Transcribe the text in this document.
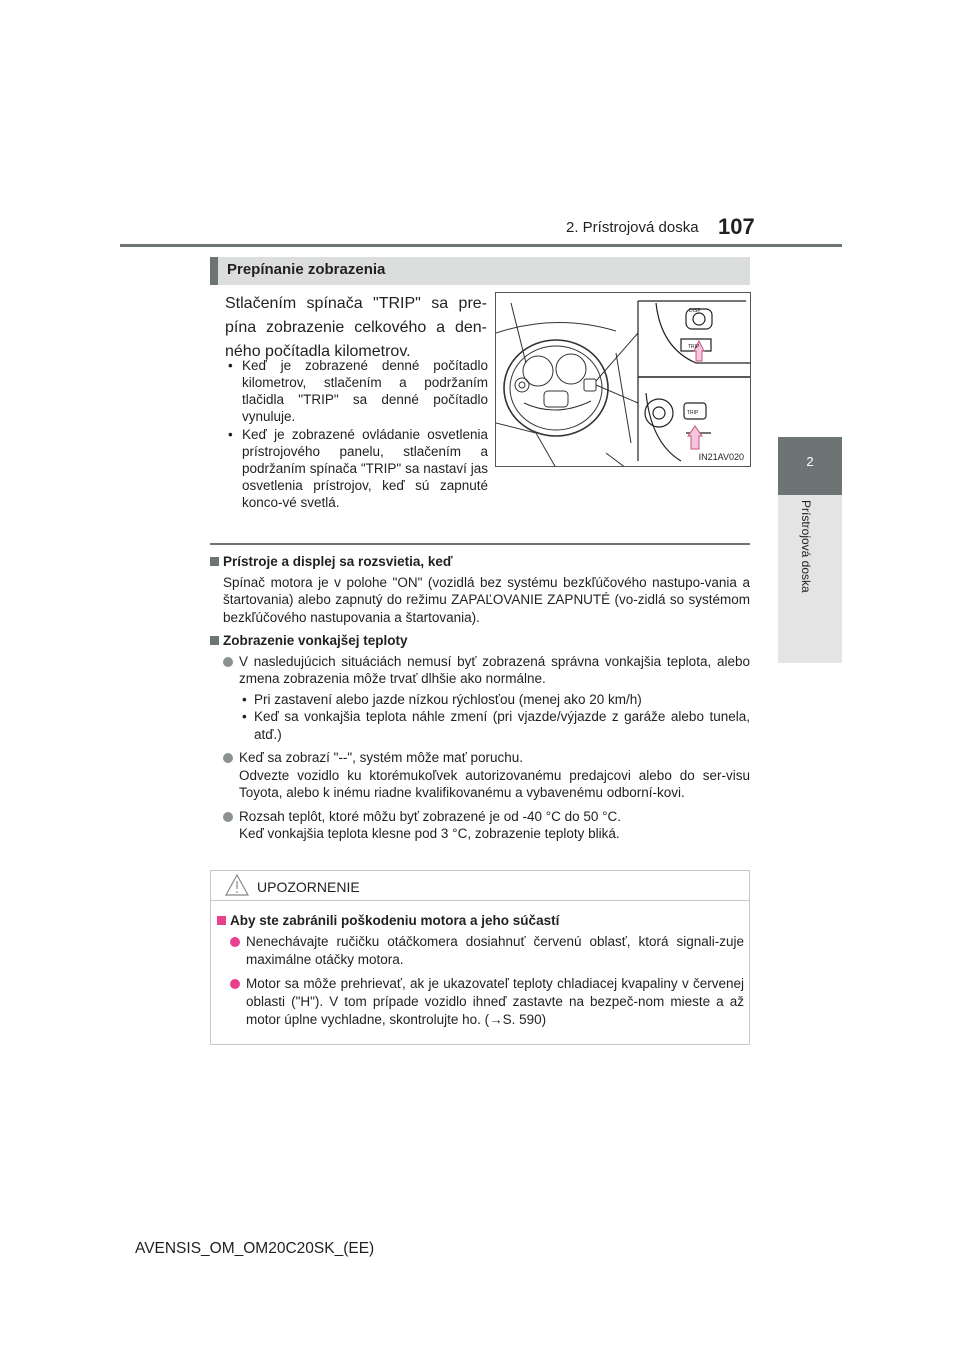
2. Prístrojová doska 107
2
Prístrojová doska
Prepínanie zobrazenia
Stlačením spínača "TRIP" sa pre-pína zobrazenie celkového a den-ného počítadla kilometrov.
• Keď je zobrazené denné počítadlo kilometrov, stlačením a podržaním tlačidla "TRIP" sa denné počítadlo vynuluje.
• Keď je zobrazené ovládanie osvetlenia prístrojového panelu, stlačením a podržaním spínača "TRIP" sa nastaví jas osvetlenia prístrojov, keď sú zapnuté konco-vé svetlá.
DISP
TRIP
TRIP
IN21AV020
Prístroje a displej sa rozsvietia, keď
Spínač motora je v polohe "ON" (vozidlá bez systému bezkľúčového nastupo-vania a štartovania) alebo zapnutý do režimu ZAPAĽOVANIE ZAPNUTÉ (vo-zidlá so systémom bezkľúčového nastupovania a štartovania).
Zobrazenie vonkajšej teploty
V nasledujúcich situáciách nemusí byť zobrazená správna vonkajšia teplota, alebo zmena zobrazenia môže trvať dlhšie ako normálne.
• Pri zastavení alebo jazde nízkou rýchlosťou (menej ako 20 km/h)
• Keď sa vonkajšia teplota náhle zmení (pri vjazde/výjazde z garáže alebo tunela, atď.)
Keď sa zobrazí "--", systém môže mať poruchu.
Odvezte vozidlo ku ktorémukoľvek autorizovanému predajcovi alebo do ser-visu Toyota, alebo k inému riadne kvalifikovanému a vybavenému odborní-kovi.
Rozsah teplôt, ktoré môžu byť zobrazené je od -40 °C do 50 °C.
Keď vonkajšia teplota klesne pod 3 °C, zobrazenie teploty bliká.
UPOZORNENIE
Aby ste zabránili poškodeniu motora a jeho súčastí
Nenechávajte ručičku otáčkomera dosiahnuť červenú oblasť, ktorá signali-zuje maximálne otáčky motora.
Motor sa môže prehrievať, ak je ukazovateľ teploty chladiacej kvapaliny v červenej oblasti ("H"). V tom prípade vozidlo ihneď zastavte na bezpeč-nom mieste a až motor úplne vychladne, skontrolujte ho. (→S. 590)
AVENSIS_OM_OM20C20SK_(EE)
